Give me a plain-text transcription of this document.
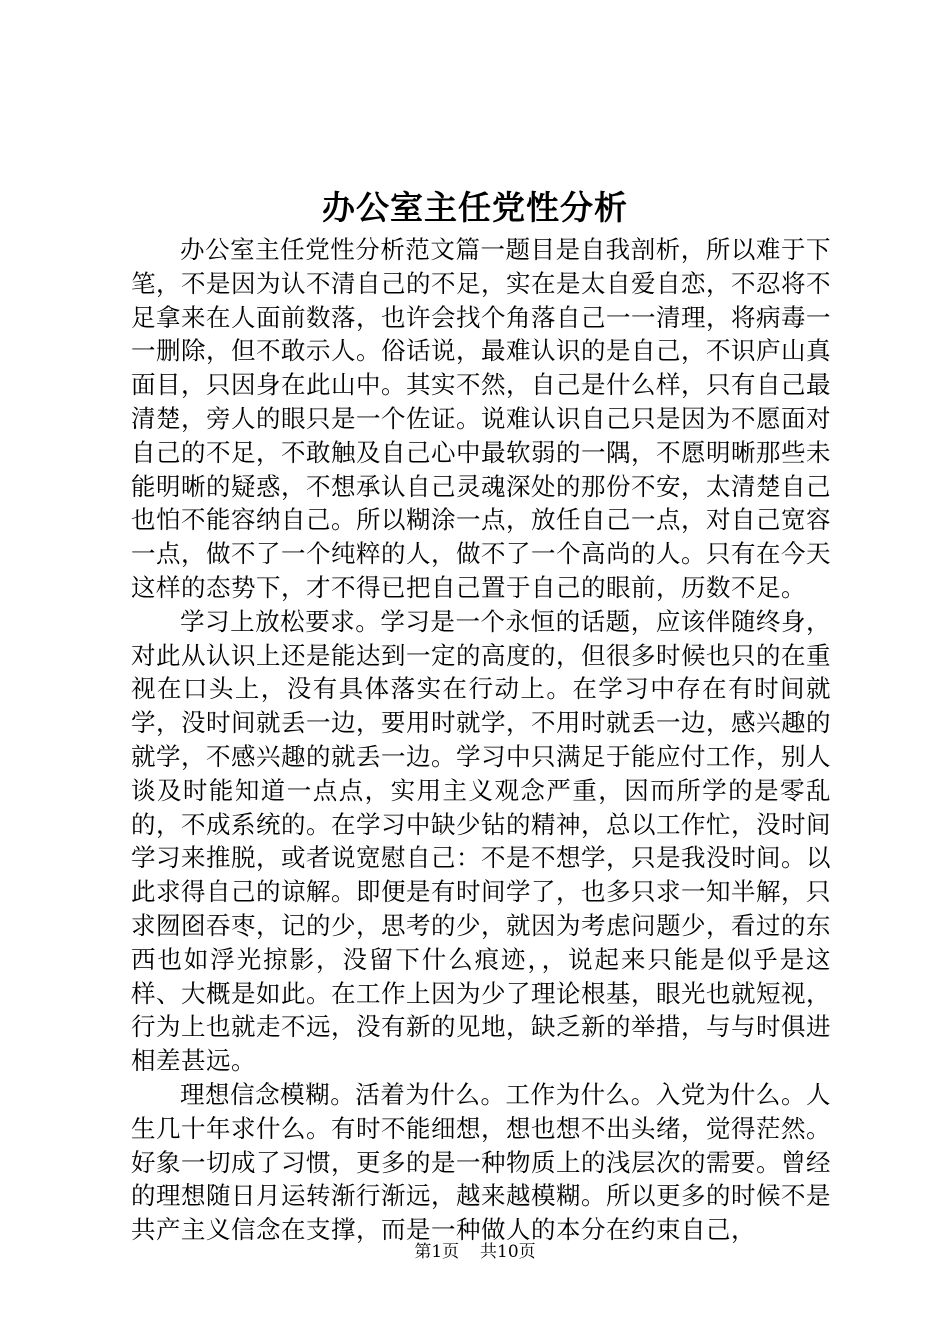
办公室主任党性分析

办公室主任党性分析范文篇一题目是自我剖析，所以难于下笔，不是因为认不清自己的不足，实在是太自爱自恋，不忍将不足拿来在人面前数落，也许会找个角落自己一一清理，将病毒一一删除，但不敢示人。俗话说，最难认识的是自己，不识庐山真面目，只因身在此山中。其实不然，自己是什么样，只有自己最清楚，旁人的眼只是一个佐证。说难认识自己只是因为不愿面对自己的不足，不敢触及自己心中最软弱的一隅，不愿明晰那些未能明晰的疑惑，不想承认自己灵魂深处的那份不安，太清楚自己也怕不能容纳自己。所以糊涂一点，放任自己一点，对自己宽容一点，做不了一个纯粹的人，做不了一个高尚的人。只有在今天这样的态势下，才不得已把自己置于自己的眼前，历数不足。

学习上放松要求。学习是一个永恒的话题，应该伴随终身，对此从认识上还是能达到一定的高度的，但很多时候也只的在重视在口头上，没有具体落实在行动上。在学习中存在有时间就学，没时间就丢一边，要用时就学，不用时就丢一边，感兴趣的就学，不感兴趣的就丢一边。学习中只满足于能应付工作，别人谈及时能知道一点点，实用主义观念严重，因而所学的是零乱的，不成系统的。在学习中缺少钻的精神，总以工作忙，没时间学习来推脱，或者说宽慰自己：不是不想学，只是我没时间。以此求得自己的谅解。即便是有时间学了，也多只求一知半解，只求囫囵吞枣，记的少，思考的少，就因为考虑问题少，看过的东西也如浮光掠影，没留下什么痕迹，，说起来只能是似乎是这样、大概是如此。在工作上因为少了理论根基，眼光也就短视，行为上也就走不远，没有新的见地，缺乏新的举措，与与时俱进相差甚远。

理想信念模糊。活着为什么。工作为什么。入党为什么。人生几十年求什么。有时不能细想，想也想不出头绪，觉得茫然。好象一切成了习惯，更多的是一种物质上的浅层次的需要。曾经的理想随日月运转渐行渐远，越来越模糊。所以更多的时候不是共产主义信念在支撑，而是一种做人的本分在约束自己，

第1页 共10页
